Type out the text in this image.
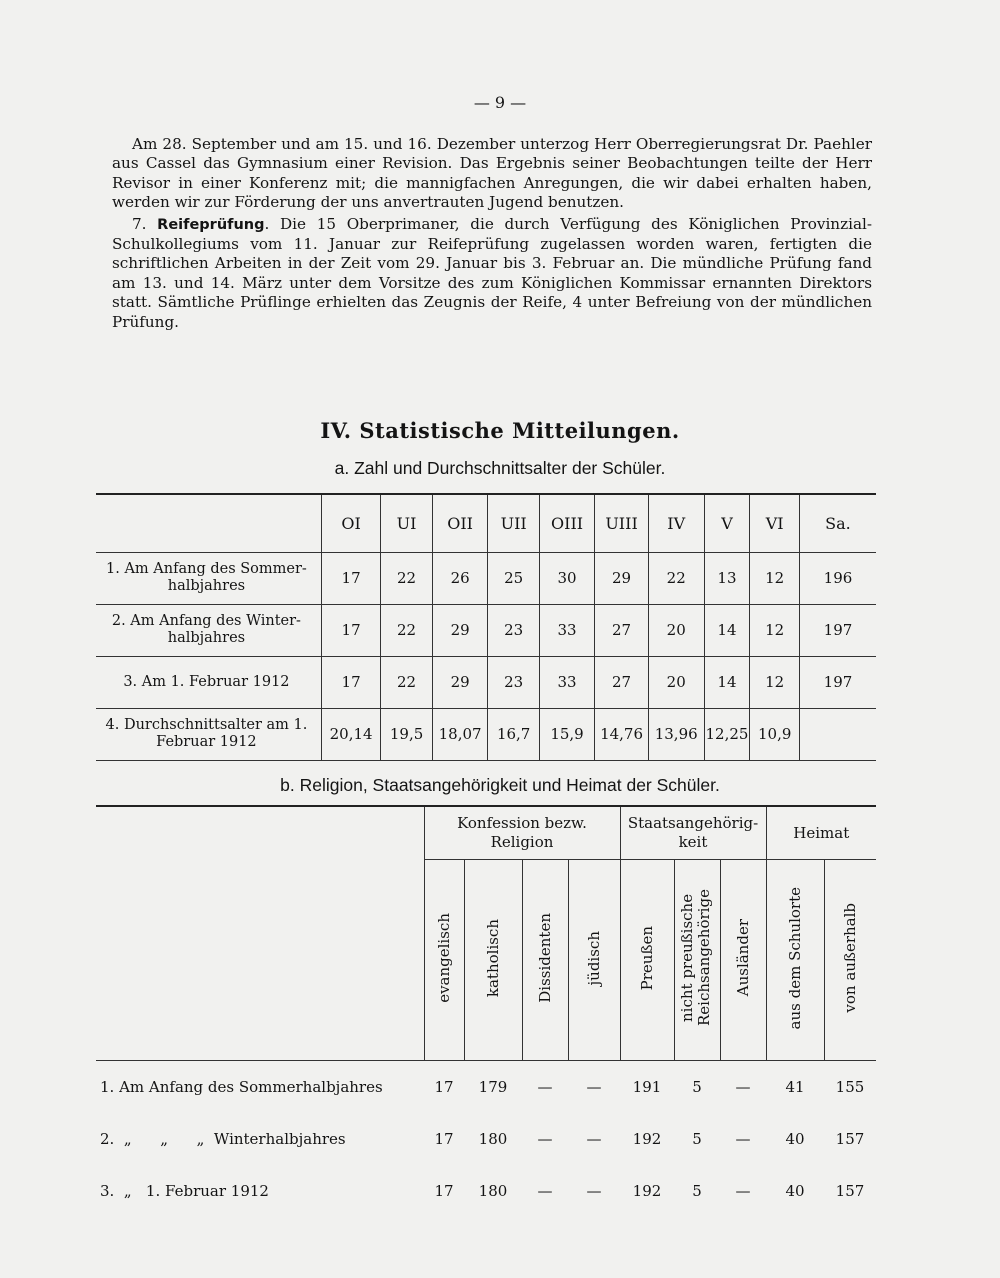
— 9 —

Am 28. September und am 15. und 16. Dezember unterzog Herr Oberregierungsrat Dr. Paehler aus Cassel das Gymnasium einer Revision. Das Ergebnis seiner Beobachtungen teilte der Herr Revisor in einer Konferenz mit; die mannigfachen Anregungen, die wir dabei erhalten haben, werden wir zur Förderung der uns anvertrauten Jugend benutzen.

7. Reifeprüfung. Die 15 Oberprimaner, die durch Verfügung des Königlichen Provinzial-Schulkollegiums vom 11. Januar zur Reifeprüfung zugelassen worden waren, fertigten die schriftlichen Arbeiten in der Zeit vom 29. Januar bis 3. Februar an. Die mündliche Prüfung fand am 13. und 14. März unter dem Vorsitze des zum Königlichen Kommissar ernannten Direktors statt. Sämtliche Prüflinge erhielten das Zeugnis der Reife, 4 unter Befreiung von der mündlichen Prüfung.

IV. Statistische Mitteilungen.
a. Zahl und Durchschnittsalter der Schüler.
	OI	UI	OII	UII	OIII	UIII	IV	V	VI	Sa.
1. Am Anfang des Sommer-halbjahres	17	22	26	25	30	29	22	13	12	196
2. Am Anfang des Winter-halbjahres	17	22	29	23	33	27	20	14	12	197
3. Am 1. Februar 1912	17	22	29	23	33	27	20	14	12	197
4. Durchschnittsalter am 1. Februar 1912	20,14	19,5	18,07	16,7	15,9	14,76	13,96	12,25	10,9	
b. Religion, Staatsangehörigkeit und Heimat der Schüler.
	Konfession bezw. Religion				Staatsangehörig-keit			Heimat	
	evangelisch	katholisch	Dissidenten	jüdisch	Preußen	nicht preußische Reichsangehörige	Ausländer	aus dem Schulorte	von außerhalb
1. Am Anfang des Sommerhalbjahres	17	179	—	—	191	5	—	41	155
2.  „      „      „  Winterhalbjahres	17	180	—	—	192	5	—	40	157
3.  „   1. Februar 1912	17	180	—	—	192	5	—	40	157
